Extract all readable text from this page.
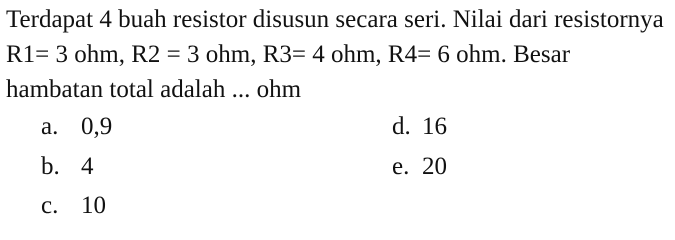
Terdapat 4 buah resistor disusun secara seri. Nilai dari resistornya R1= 3 ohm, R2 = 3 ohm, R3= 4 ohm, R4= 6 ohm. Besar hambatan total adalah ... ohm

a. 0,9
b. 4
c. 10
d. 16
e. 20
